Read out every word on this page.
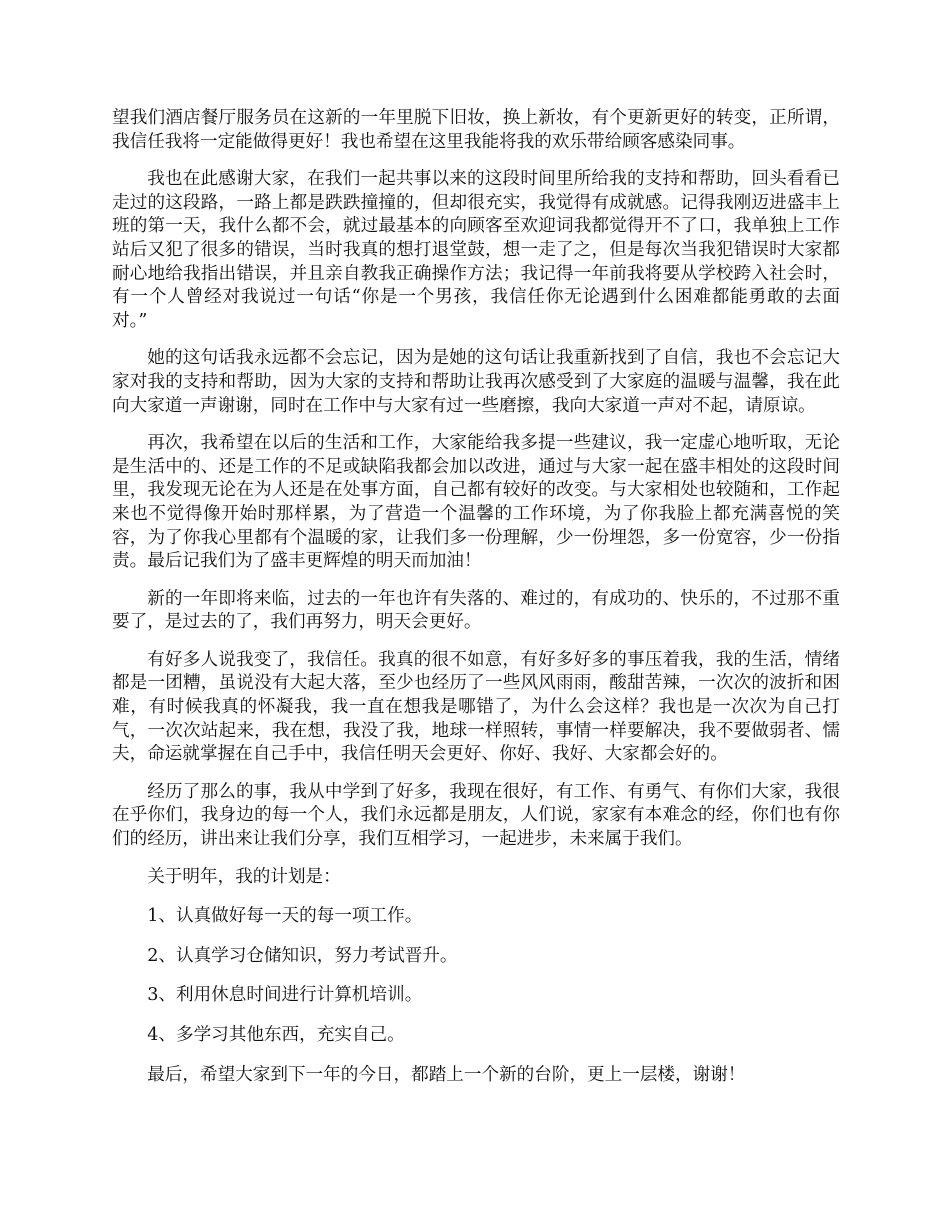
望我们酒店餐厅服务员在这新的一年里脱下旧妆，换上新妆，有个更新更好的转变，正所谓，我信任我将一定能做得更好！我也希望在这里我能将我的欢乐带给顾客感染同事。

我也在此感谢大家，在我们一起共事以来的这段时间里所给我的支持和帮助，回头看看已走过的这段路，一路上都是跌跌撞撞的，但却很充实，我觉得有成就感。记得我刚迈进盛丰上班的第一天，我什么都不会，就过最基本的向顾客至欢迎词我都觉得开不了口，我单独上工作站后又犯了很多的错误，当时我真的想打退堂鼓，想一走了之，但是每次当我犯错误时大家都耐心地给我指出错误，并且亲自教我正确操作方法；我记得一年前我将要从学校跨入社会时，有一个人曾经对我说过一句话“你是一个男孩，我信任你无论遇到什么困难都能勇敢的去面对。”

她的这句话我永远都不会忘记，因为是她的这句话让我重新找到了自信，我也不会忘记大家对我的支持和帮助，因为大家的支持和帮助让我再次感受到了大家庭的温暖与温馨，我在此向大家道一声谢谢，同时在工作中与大家有过一些磨擦，我向大家道一声对不起，请原谅。

再次，我希望在以后的生活和工作，大家能给我多提一些建议，我一定虚心地听取，无论是生活中的、还是工作的不足或缺陷我都会加以改进，通过与大家一起在盛丰相处的这段时间里，我发现无论在为人还是在处事方面，自己都有较好的改变。与大家相处也较随和，工作起来也不觉得像开始时那样累，为了营造一个温馨的工作环境，为了你我脸上都充满喜悦的笑容，为了你我心里都有个温暖的家，让我们多一份理解，少一份埋怨，多一份宽容，少一份指责。最后记我们为了盛丰更辉煌的明天而加油！

新的一年即将来临，过去的一年也许有失落的、难过的，有成功的、快乐的，不过那不重要了，是过去的了，我们再努力，明天会更好。

有好多人说我变了，我信任。我真的很不如意，有好多好多的事压着我，我的生活，情绪都是一团糟，虽说没有大起大落，至少也经历了一些风风雨雨，酸甜苦辣，一次次的波折和困难，有时候我真的怀凝我，我一直在想我是哪错了，为什么会这样？我也是一次次为自己打气，一次次站起来，我在想，我没了我，地球一样照转，事情一样要解决，我不要做弱者、懦夫，命运就掌握在自己手中，我信任明天会更好、你好、我好、大家都会好的。

经历了那么的事，我从中学到了好多，我现在很好，有工作、有勇气、有你们大家，我很在乎你们，我身边的每一个人，我们永远都是朋友，人们说，家家有本难念的经，你们也有你们的经历，讲出来让我们分享，我们互相学习，一起进步，未来属于我们。

关于明年，我的计划是：

1、认真做好每一天的每一项工作。

2、认真学习仓储知识，努力考试晋升。

3、利用休息时间进行计算机培训。

4、多学习其他东西，充实自己。

最后，希望大家到下一年的今日，都踏上一个新的台阶，更上一层楼，谢谢！
